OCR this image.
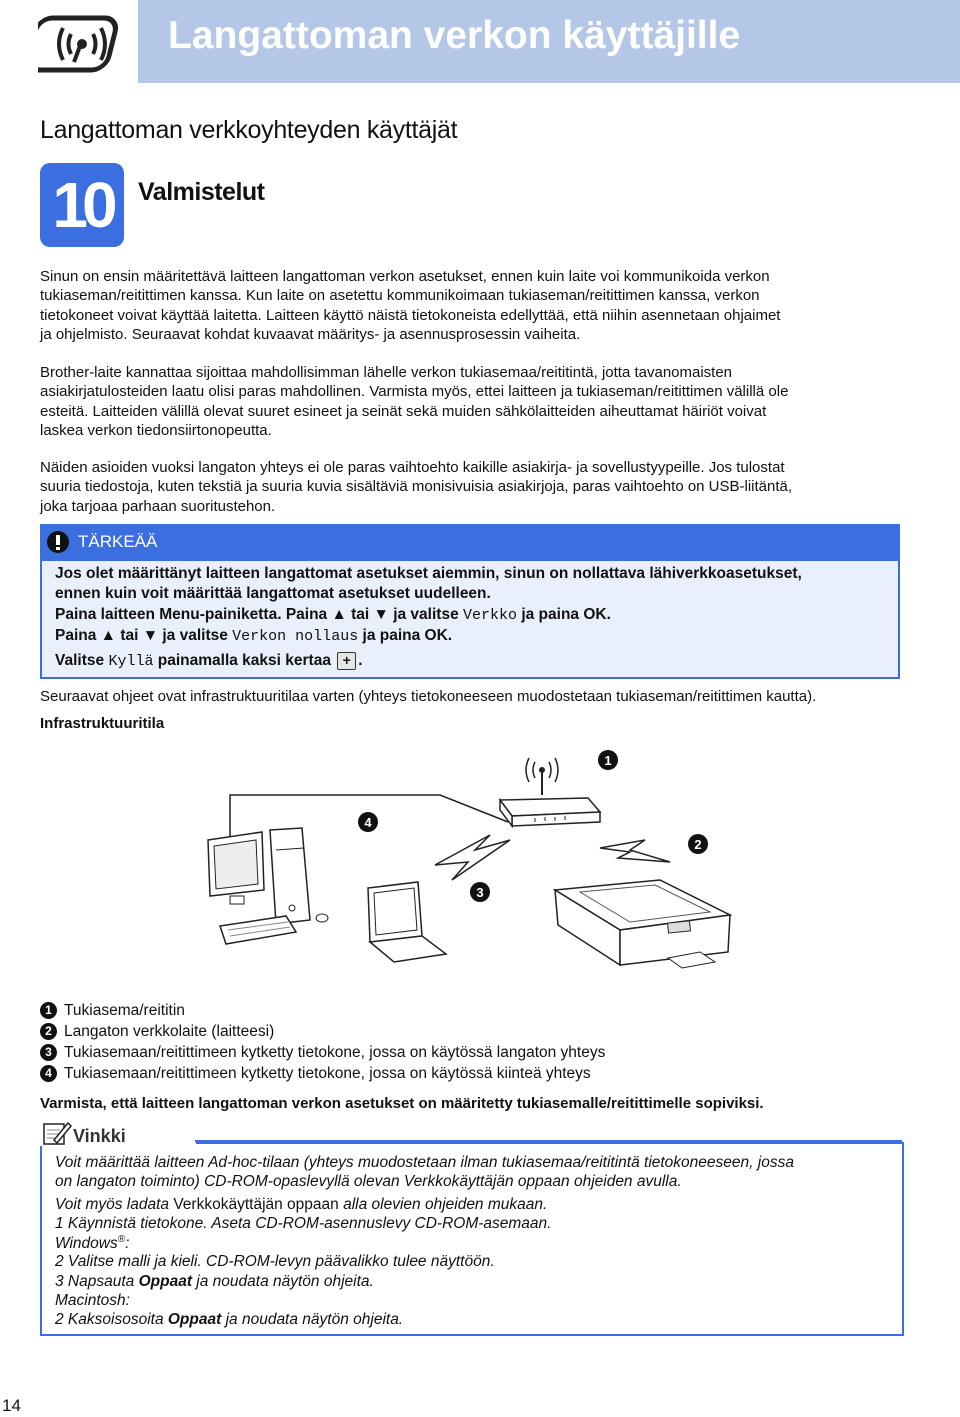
Langattoman verkon käyttäjille
Langattoman verkkoyhteyden käyttäjät
10	Valmistelut
Sinun on ensin määritettävä laitteen langattoman verkon asetukset, ennen kuin laite voi kommunikoida verkon
tukiaseman/reitittimen kanssa. Kun laite on asetettu kommunikoimaan tukiaseman/reitittimen kanssa, verkon
tietokoneet voivat käyttää laitetta. Laitteen käyttö näistä tietokoneista edellyttää, että niihin asennetaan ohjaimet
ja ohjelmisto. Seuraavat kohdat kuvaavat määritys- ja asennusprosessin vaiheita.
Brother-laite kannattaa sijoittaa mahdollisimman lähelle verkon tukiasemaa/reititintä, jotta tavanomaisten
asiakirjatulosteiden laatu olisi paras mahdollinen. Varmista myös, ettei laitteen ja tukiaseman/reitittimen välillä ole
esteitä. Laitteiden välillä olevat suuret esineet ja seinät sekä muiden sähkölaitteiden aiheuttamat häiriöt voivat
laskea verkon tiedonsiirtonopeutta.
Näiden asioiden vuoksi langaton yhteys ei ole paras vaihtoehto kaikille asiakirja- ja sovellustyypeille. Jos tulostat
suuria tiedostoja, kuten tekstiä ja suuria kuvia sisältäviä monisivuisia asiakirjoja, paras vaihtoehto on USB-liitäntä,
joka tarjoaa parhaan suoritustehon.
TÄRKEÄÄ
Jos olet määrittänyt laitteen langattomat asetukset aiemmin, sinun on nollattava lähiverkkoasetukset,
ennen kuin voit määrittää langattomat asetukset uudelleen.
Paina laitteen Menu-painiketta. Paina ▲ tai ▼ ja valitse Verkko ja paina OK.
Paina ▲ tai ▼ ja valitse Verkon nollaus ja paina OK.
Valitse Kyllä painamalla kaksi kertaa + .
Seuraavat ohjeet ovat infrastruktuuritilaa varten (yhteys tietokoneeseen muodostetaan tukiaseman/reitittimen kautta).
Infrastruktuuritila
1
2
3
4
1 Tukiasema/reititin
2 Langaton verkkolaite (laitteesi)
3 Tukiasemaan/reitittimeen kytketty tietokone, jossa on käytössä langaton yhteys
4 Tukiasemaan/reitittimeen kytketty tietokone, jossa on käytössä kiinteä yhteys
Varmista, että laitteen langattoman verkon asetukset on määritetty tukiasemalle/reitittimelle sopiviksi.
Vinkki
Voit määrittää laitteen Ad-hoc-tilaan (yhteys muodostetaan ilman tukiasemaa/reititintä tietokoneeseen, jossa
on langaton toiminto) CD-ROM-opaslevyllä olevan Verkkokäyttäjän oppaan ohjeiden avulla.
Voit myös ladata Verkkokäyttäjän oppaan alla olevien ohjeiden mukaan.
1 Käynnistä tietokone. Aseta CD-ROM-asennuslevy CD-ROM-asemaan.
Windows®:
2 Valitse malli ja kieli. CD-ROM-levyn päävalikko tulee näyttöön.
3 Napsauta Oppaat ja noudata näytön ohjeita.
Macintosh:
2 Kaksoisosoita Oppaat ja noudata näytön ohjeita.
14
